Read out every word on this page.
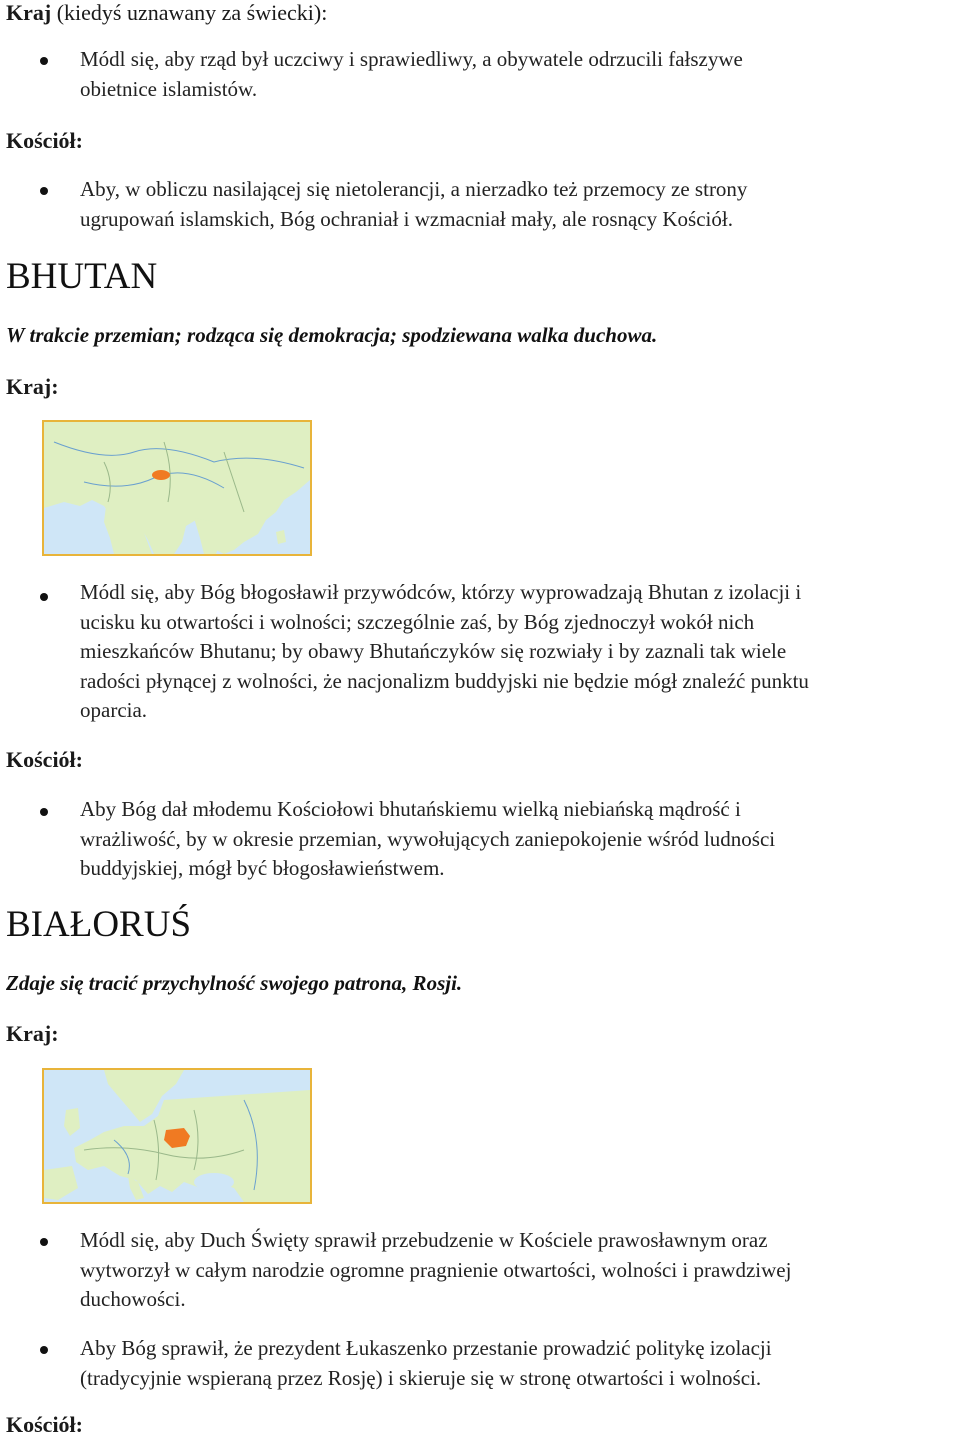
Kraj (kiedyś uznawany za świecki):
Módl się, aby rząd był uczciwy i sprawiedliwy, a obywatele odrzucili fałszywe
obietnice islamistów.
Kościół:
Aby, w obliczu nasilającej się nietolerancji, a nierzadko też przemocy ze strony
ugrupowań islamskich, Bóg ochraniał i wzmacniał mały, ale rosnący Kościół.
BHUTAN
W trakcie przemian; rodząca się demokracja; spodziewana walka duchowa.
Kraj:
Módl się, aby Bóg błogosławił przywódców, którzy wyprowadzają Bhutan z izolacji i
ucisku ku otwartości i wolności; szczególnie zaś, by Bóg zjednoczył wokół nich
mieszkańców Bhutanu; by obawy Bhutańczyków się rozwiały i by zaznali tak wiele
radości płynącej z wolności, że nacjonalizm buddyjski nie będzie mógł znaleźć punktu
oparcia.
Kościół:
Aby Bóg dał młodemu Kościołowi bhutańskiemu wielką niebiańską mądrość i
wrażliwość, by w okresie przemian, wywołujących zaniepokojenie wśród ludności
buddyjskiej, mógł być błogosławieństwem.
BIAŁORUŚ
Zdaje się tracić przychylność swojego patrona, Rosji.
Kraj:
Módl się, aby Duch Święty sprawił przebudzenie w Kościele prawosławnym oraz
wytworzył w całym narodzie ogromne pragnienie otwartości, wolności i prawdziwej
duchowości.
Aby Bóg sprawił, że prezydent Łukaszenko przestanie prowadzić politykę izolacji
(tradycyjnie wspieraną przez Rosję) i skieruje się w stronę otwartości i wolności.
Kościół:
